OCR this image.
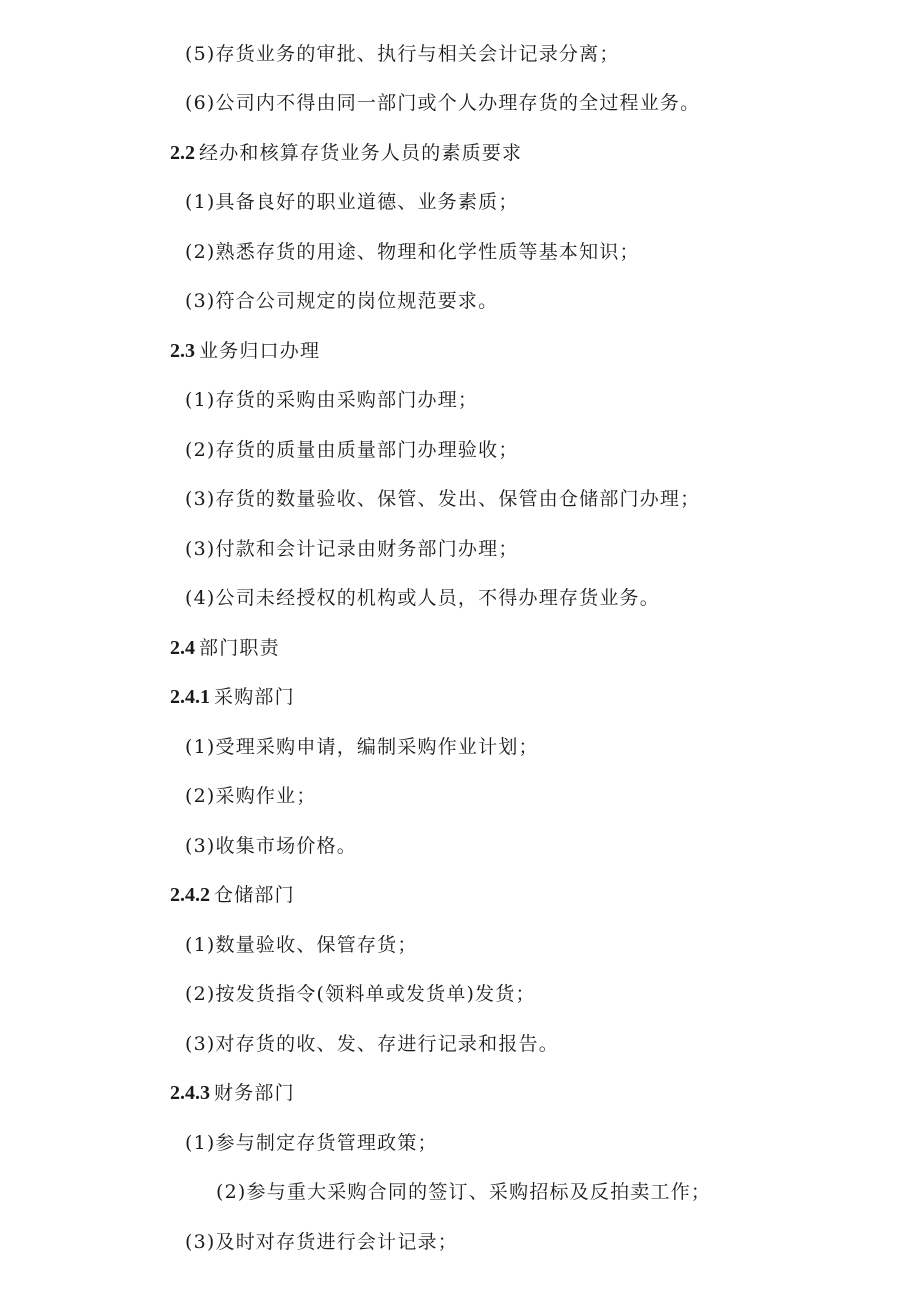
(5)存货业务的审批、执行与相关会计记录分离；
(6)公司内不得由同一部门或个人办理存货的全过程业务。
2.2 经办和核算存货业务人员的素质要求
(1)具备良好的职业道德、业务素质；
(2)熟悉存货的用途、物理和化学性质等基本知识；
(3)符合公司规定的岗位规范要求。
2.3 业务归口办理
(1)存货的采购由采购部门办理；
(2)存货的质量由质量部门办理验收；
(3)存货的数量验收、保管、发出、保管由仓储部门办理；
(3)付款和会计记录由财务部门办理；
(4)公司未经授权的机构或人员，不得办理存货业务。
2.4 部门职责
2.4.1 采购部门
(1)受理采购申请，编制采购作业计划；
(2)采购作业；
(3)收集市场价格。
2.4.2 仓储部门
(1)数量验收、保管存货；
(2)按发货指令(领料单或发货单)发货；
(3)对存货的收、发、存进行记录和报告。
2.4.3 财务部门
(1)参与制定存货管理政策；
(2)参与重大采购合同的签订、采购招标及反拍卖工作；
(3)及时对存货进行会计记录；
